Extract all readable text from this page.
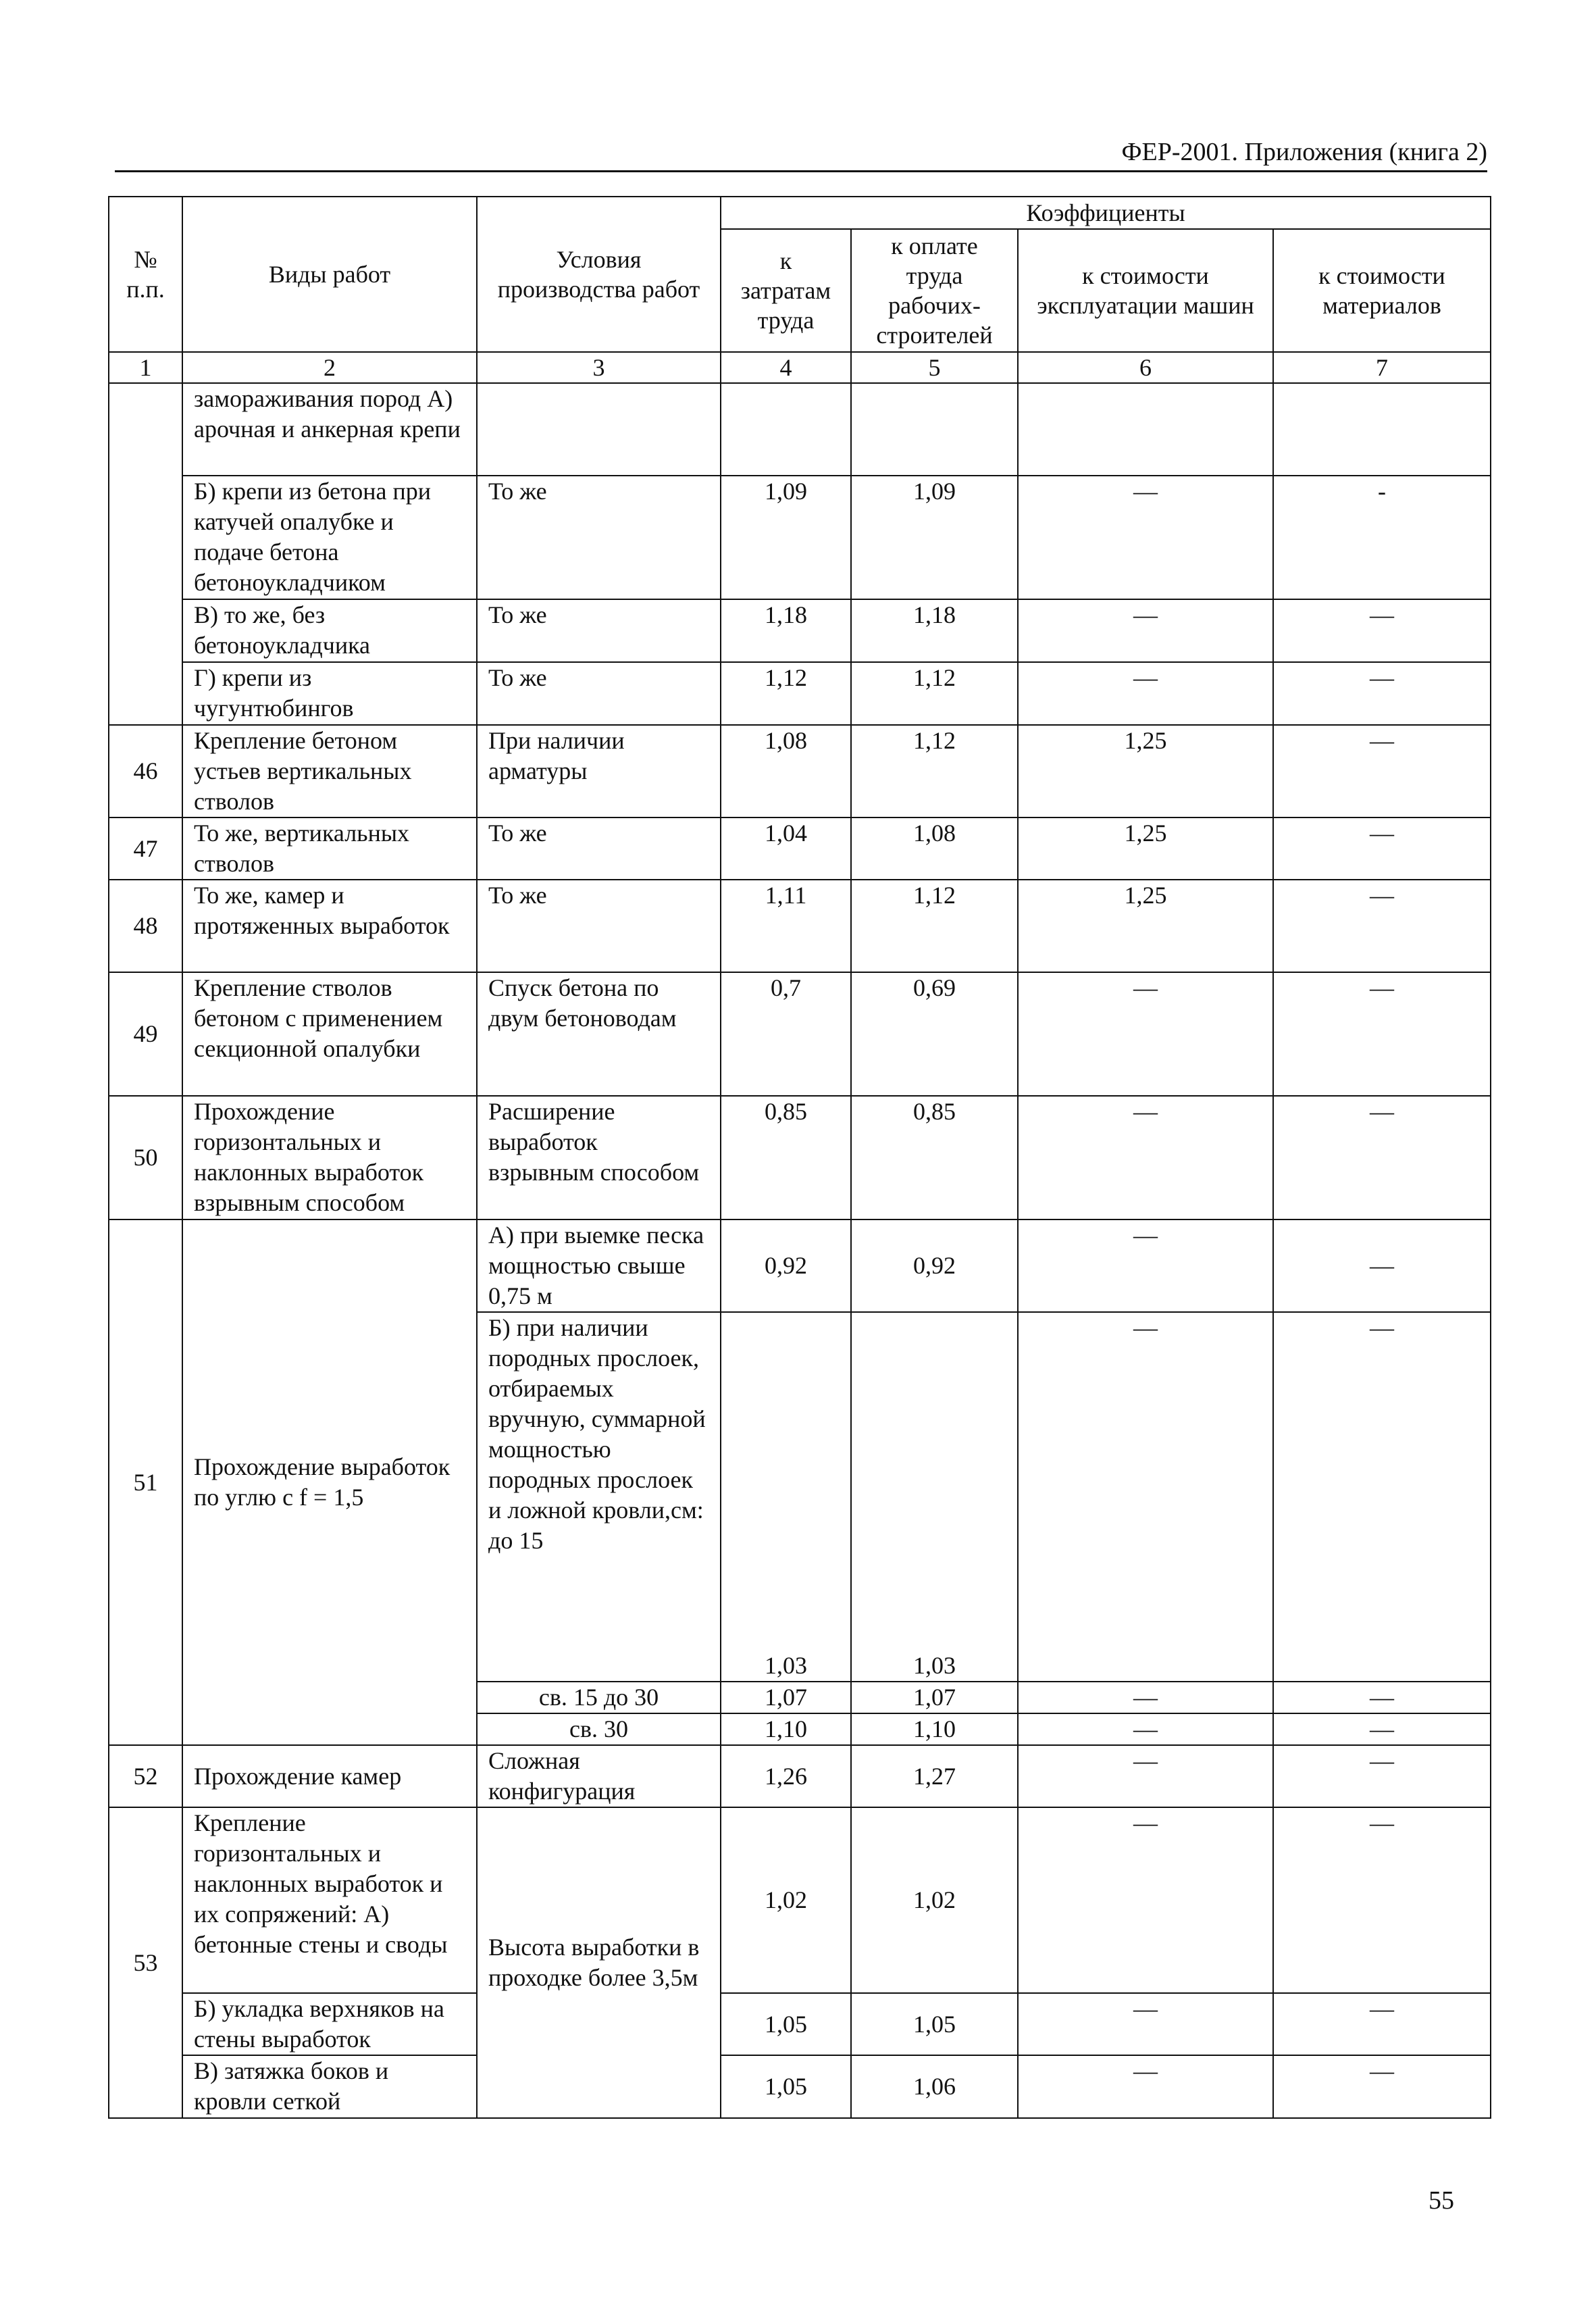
ФЕР-2001. Приложения (книга 2)
№ п.п.	Виды работ	Условия производства работ	Коэффициенты			
			к затратам труда	к оплате труда рабочих-строителей	к стоимости эксплуатации машин	к стоимости материалов
1	2	3	4	5	6	7
	замораживания пород А) арочная и анкерная крепи					
	Б) крепи из бетона при катучей опалубке и подаче бетона бетоноукладчиком	То же	1,09	1,09	—	-
	В) то же, без бетоноукладчика	То же	1,18	1,18	—	—
	Г) крепи из чугунтюбингов	То же	1,12	1,12	—	—
46	Крепление бетоном устьев вертикальных стволов	При наличии арматуры	1,08	1,12	1,25	—
47	То же, вертикальных стволов	То же	1,04	1,08	1,25	—
48	То же, камер и протяженных выработок	То же	1,11	1,12	1,25	—
49	Крепление стволов бетоном с применением секционной опалубки	Спуск бетона по двум бетоноводам	0,7	0,69	—	—
50	Прохождение горизонтальных и наклонных выработок взрывным способом	Расширение выработок взрывным способом	0,85	0,85	—	—
51	Прохождение выработок по углю с f = 1,5	А) при выемке песка мощностью свыше 0,75 м	0,92	0,92	—	—
		Б) при наличии породных прослоек, отбираемых вручную, суммарной мощностью породных прослоек и ложной кровли,см: до 15	1,03	1,03	—	—
		св. 15 до 30	1,07	1,07	—	—
		св. 30	1,10	1,10	—	—
52	Прохождение камер	Сложная конфигурация	1,26	1,27	—	—
53	Крепление горизонтальных и наклонных выработок и их сопряжений: А) бетонные стены и своды	Высота выработки в проходке более 3,5м	1,02	1,02	—	—
	Б) укладка верхняков на стены выработок		1,05	1,05	—	—
	В) затяжка боков и кровли сеткой		1,05	1,06	—	—
55
